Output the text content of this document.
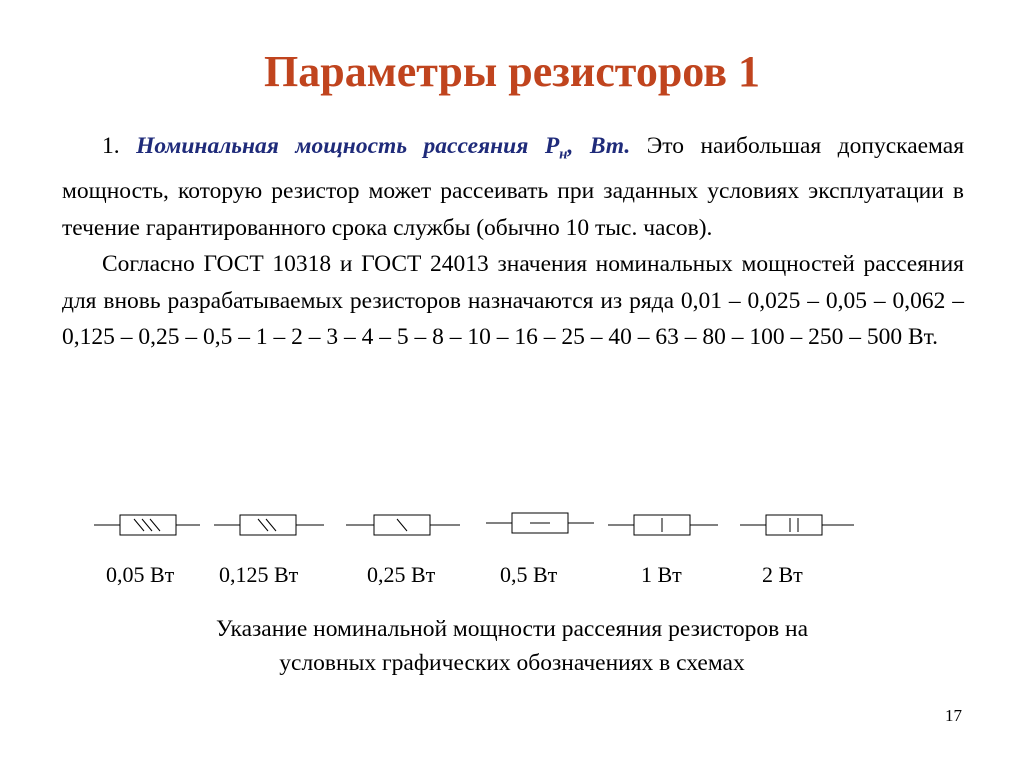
Параметры резисторов 1

1. Номинальная мощность рассеяния $P_н$, Вт. Это наибольшая допускаемая мощность, которую резистор может рассеивать при заданных условиях эксплуатации в течение гарантированного срока службы (обычно 10 тыс. часов).

Согласно ГОСТ 10318 и ГОСТ 24013 значения номинальных мощностей рассеяния для вновь разрабатываемых резисторов назначаются из ряда 0,01 – 0,025 – 0,05 – 0,062 – 0,125 – 0,25 – 0,5 – 1 – 2 – 3 – 4 – 5 – 8 – 10 – 16 – 25 – 40 – 63 – 80 – 100 – 250 – 500 Вт.

0,05 Вт 0,125 Вт	0,25 Вт	0,5 Вт	1 Вт	2 Вт
Указание номинальной мощности рассеяния резисторов на
условных графических обозначениях в схемах
17
